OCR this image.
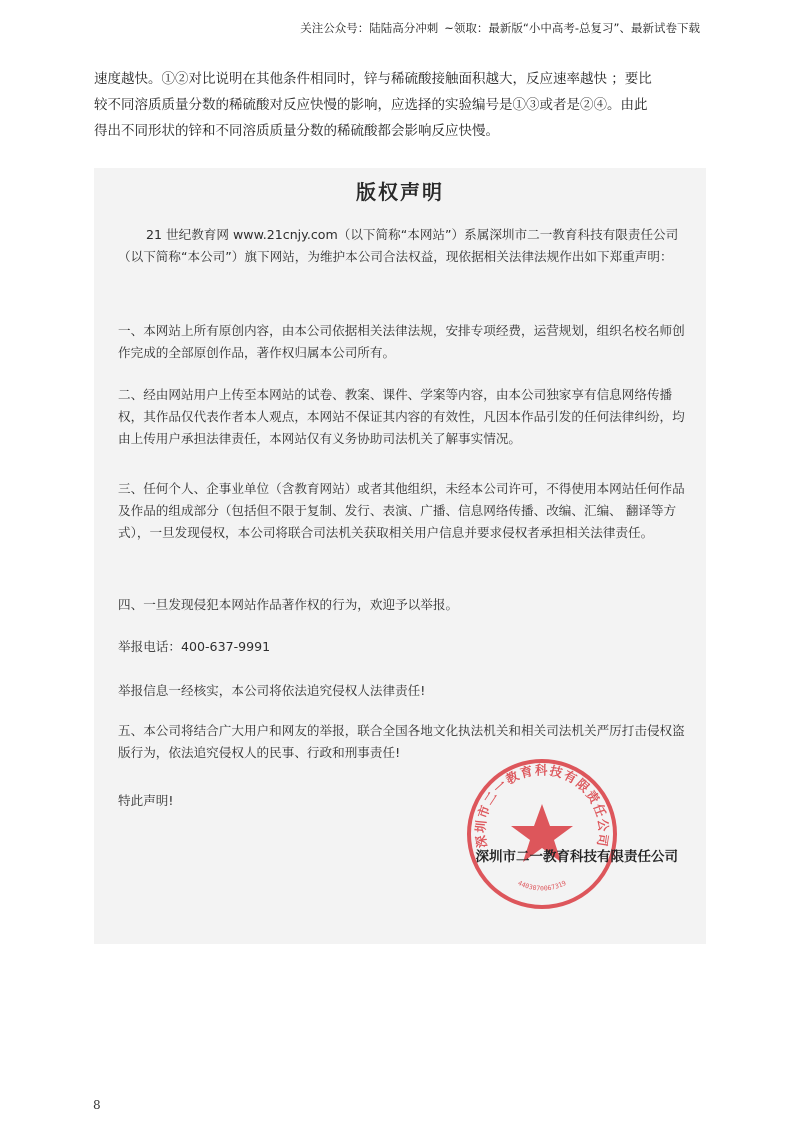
关注公众号：陆陆高分冲刺 ~领取：最新版“小中高考-总复习”、最新试卷下载
速度越快。①②对比说明在其他条件相同时，锌与稀硫酸接触面积越大，反应速率越快 ；要比
较不同溶质质量分数的稀硫酸对反应快慢的影响，应选择的实验编号是①③或者是②④。由此
得出不同形状的锌和不同溶质质量分数的稀硫酸都会影响反应快慢。
版权声明
21 世纪教育网 www.21cnjy.com（以下简称“本网站”）系属深圳市二一教育科技有限责任公司（以下简称“本公司”）旗下网站，为维护本公司合法权益，现依据相关法律法规作出如下郑重声明：
一、本网站上所有原创内容，由本公司依据相关法律法规，安排专项经费，运营规划，组织名校名师创作完成的全部原创作品，著作权归属本公司所有。
二、经由网站用户上传至本网站的试卷、教案、课件、学案等内容，由本公司独家享有信息网络传播权，其作品仅代表作者本人观点，本网站不保证其内容的有效性，凡因本作品引发的任何法律纠纷，均由上传用户承担法律责任，本网站仅有义务协助司法机关了解事实情况。
三、任何个人、企事业单位（含教育网站）或者其他组织，未经本公司许可，不得使用本网站任何作品及作品的组成部分（包括但不限于复制、发行、表演、广播、信息网络传播、改编、汇编、 翻译等方式），一旦发现侵权，本公司将联合司法机关获取相关用户信息并要求侵权者承担相关法律责任。
四、一旦发现侵犯本网站作品著作权的行为，欢迎予以举报。
举报电话：400-637-9991
举报信息一经核实，本公司将依法追究侵权人法律责任!
五、本公司将结合广大用户和网友的举报，联合全国各地文化执法机关和相关司法机关严厉打击侵权盗版行为，依法追究侵权人的民事、行政和刑事责任!
特此声明!
深圳市二一教育科技有限责任公司
4403070067319
深圳市二一教育科技有限责任公司
8
